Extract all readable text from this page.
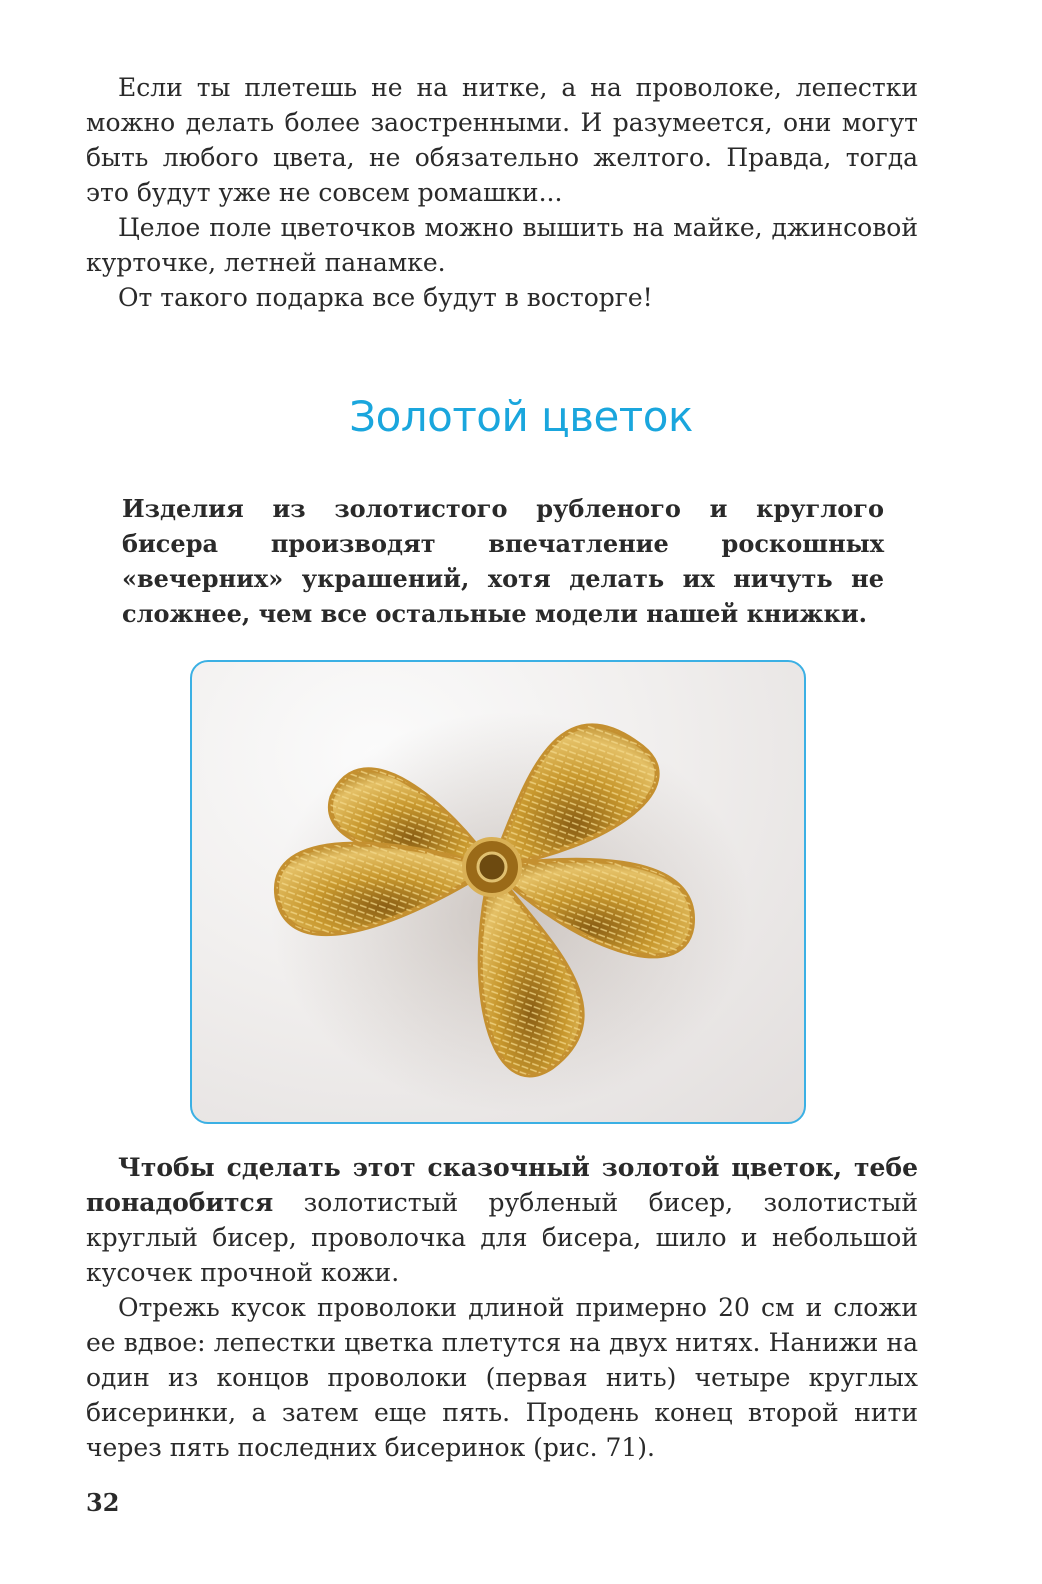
Если ты плетешь не на нитке, а на проволоке, лепестки можно делать более заостренными. И разумеется, они могут быть любого цвета, не обязательно желтого. Правда, тогда это будут уже не совсем ромашки...

Целое поле цветочков можно вышить на майке, джинсовой курточке, летней панамке.

От такого подарка все будут в восторге!

Золотой цветок

Изделия из золотистого рубленого и круглого бисера производят впечатление роскошных «вечерних» украшений, хотя делать их ничуть не сложнее, чем все остальные модели нашей книжки.

Чтобы сделать этот сказочный золотой цветок, тебе понадобится золотистый рубленый бисер, золотистый круглый бисер, проволочка для бисера, шило и небольшой кусочек прочной кожи.

Отрежь кусок проволоки длиной примерно 20 см и сложи ее вдвое: лепестки цветка плетутся на двух нитях. Нанижи на один из концов проволоки (первая нить) четыре круглых бисеринки, а затем еще пять. Продень конец второй нити через пять последних бисеринок (рис. 71).

32
